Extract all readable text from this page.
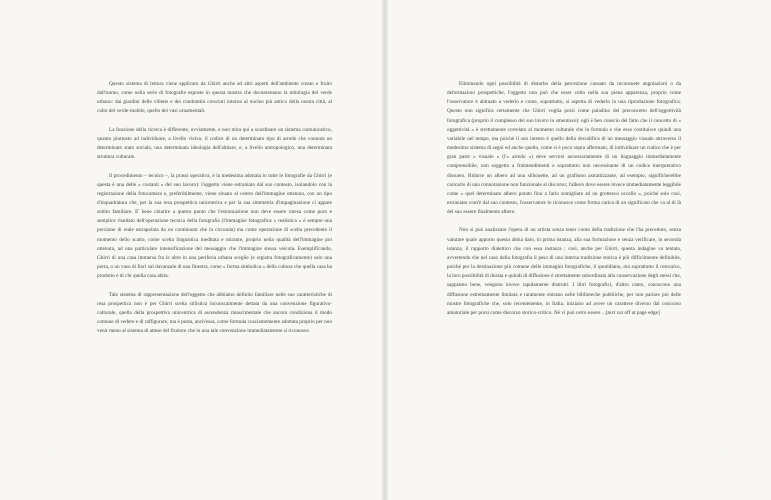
Questo sistema di lettura viene applicato da Ghirri anche ad altri aspetti dell'ambiente creato e fruito dall'uomo, come nella serie di fotografie esposte in questa mostra che documentano la mitologia del verde urbano: dai giardini delle villette e dei condomini cresciuti intorno al nucleo più antico della nostra città, al culto del verde-mobile, quello dei vasi ornamentali.

La funzione della ricerca è differente, ovviamente, e non mira qui a scardinare un sistema comunicativo, quanto piuttosto ad individuare, a livello visivo, il codice di un determinato tipo di arredo che connota un determinato stato sociale, una determinata ideologia dell'abitare, e, a livello antropologico, una determinata struttura culturale.

Il procedimento – tecnico –, la prassi operativa, è la medesima adottata in tutte le fotografie da Ghirri (e questa è una delle « costanti » del suo lavoro): l'oggetto viene estraniato dal suo contesto, isolandolo con la registrazione della fotocamera e, preferibilmente, viene situato al centro dell'immagine ottenuta, con un tipo d'inquadratura che, per la sua resa prospettica unicentrica e per la sua simmetria d'impaginazione ci appare subito familiare. E' bene chiarire a questo punto che l'estraniazione non deve essere intesa come puro e semplice risultato dell'operazione tecnica della fotografia (l'immagine fotografica « realistica » è sempre una porzione di reale estrapolata da un continuum che la circonda) ma come operazione di scelta precedente il momento dello scatto, come scelta linguistica meditata e mirante, proprio nella qualità dell'immagine poi ottenuta, ad una particolare intensificazione del messaggio che l'immagine stessa veicola. Esemplificando, Ghirri di una casa immersa fra le altre in una periferia urbana sceglie (e registra fotograficamente) solo una porta, o un vaso di fiori sul davanzale di una finestra, come « forma simbolica » della cultura che quella casa ha prodotto e di chi quella casa abita.

Tale sistema di rappresentazione dell'oggetto che abbiamo definito familiare nelle sue caratteristiche di resa prospettica non è per Ghirri scelta stilistica inconscaimente dettata da una convenzione figurativo-culturale, quella della prospettiva unicentrica di ascendenza rinascimentale che ancora condiziona il modo comune di vedere e di raffigurare, ma è posta, anch'essa, come formula coscientemente adottata proprio per non venir meno al sistema di attese del fruitore che in una tale convenzione immediatamente si riconosce.

Eliminando ogni possibilità di disturbo della percezione causato da inconsuete angolazioni o da deformazioni prospettiche, l'oggetto non può che esser colto nella sua piena apparenza, proprio come l'osservatore è abituato a vederlo e come, soprattutto, si aspetta di vederlo in una riproduzione fotografica. Questo non significa certamente che Ghirri voglia porsi come paladino del preconcetto dell'oggettività fotografica (proprio il complesso del suo lavoro lo smentisce): egli è ben conscio del fatto che il concetto di « oggettività » è strettamente correlato al momento culturale che lo formula e che esso costituisce quindi una variabile nel tempo, ma poiché il suo intento è quello della decodifica di un messaggio visuale attraverso il medesimo sistema di segni ed anche quello, come si è poco sopra affermato, di individuare un codice che è per gran parte « visuale » (l'« arredo ») deve servirsi necessariamente di un linguaggio immediatamente comprensibile, non soggetto a fraintendimenti e soprattutto non necessitante di un codice interpretativo dissueto. Ridurre un albero ad una silhouette, ad un grafismo astrattizzante, ad esempio, significherebbe caricarlo di una connotazione non funzionale al discorso; l'albero dove essere invece immediatamente leggibile come « quel determinato albero potato fino a farlo somigliare ad un grottesco uccello », poiché solo così, estraniato com'è dal suo contesto, l'osservatore lo riconosce come forma carica di un significato che va al di là del suo essere finalmente albero.

Non si può analizzare l'opera di un artista senza tener conto della tradizione che l'ha preceduto, senza valutare quale apporto questa abbia dato, in prima istanza, alla sua formazione e senza verificare, in seconda istanza, il rapporto dialettico che con essa instaura ; così, anche per Ghirri, questa indagine va tentata, avvertendo che nel caso della fotografia il peso di una interna tradizione storica è più difficilmente definibile, poiché per la destinazione più comune delle immagini fotografiche, il quotidiano, ma soprattutto il rotocalco, la loro possibilità di durata e quindi di diffusione è strettamente subordinata alla conservazione degli stessi che, sappiamo bene, vengono invece rapidamente distrutti. I libri fotografici, d'altro canto, conoscono una diffusione estremamente limitata e raramente entrano nelle biblioteche pubbliche, per non parlare poi delle mostre fotografiche che, solo recentemente, in Italia, iniziano ad avere un carattere diverso dal concorso amatoriale per porsi come discorso storico-critico. Né vi può certo essere ...[text cut off at page edge]

·	·
